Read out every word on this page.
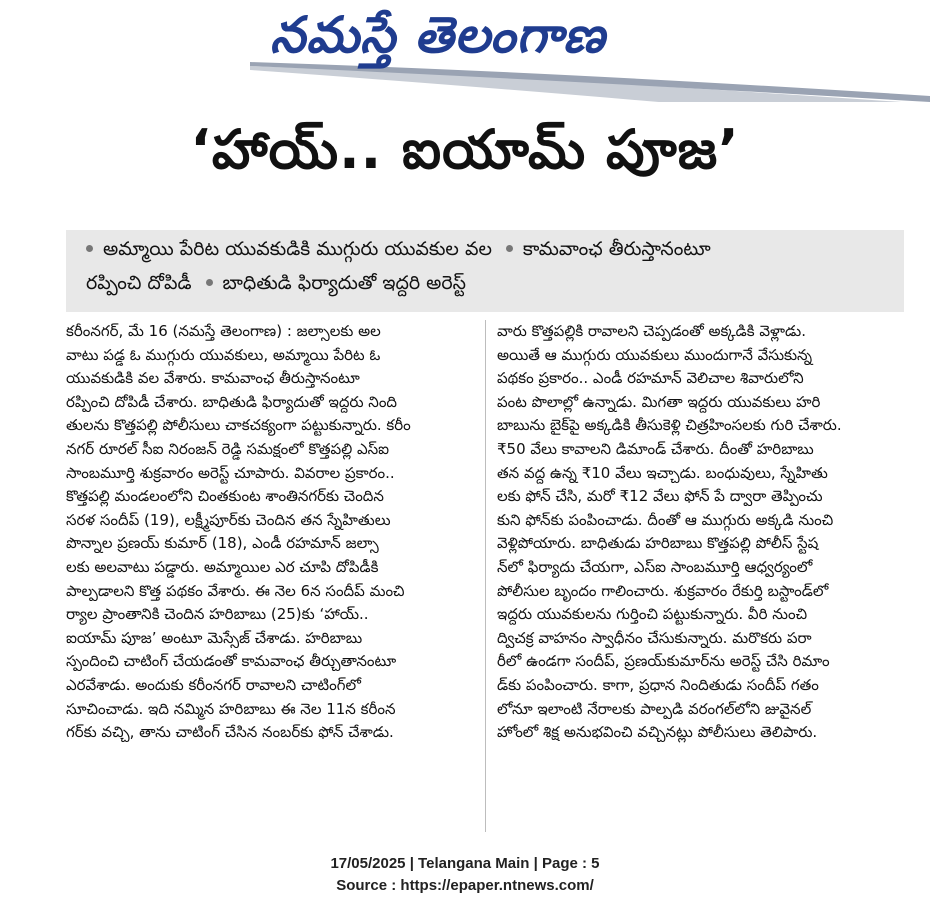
నమస్తే తెలంగాణ
‘హాయ్‌.. ఐయామ్‌ పూజ’
అమ్మాయి పేరిట యువకుడికి ముగ్గురు యువకుల వల కామవాంఛ తీరుస్తానంటూ
రప్పించి దోపిడీ బాధితుడి ఫిర్యాదుతో ఇద్దరి అరెస్ట్‌
కరీంనగర్‌, మే 16 (నమస్తే తెలంగాణ) : జల్సాలకు అల
వాటు పడ్డ ఓ ముగ్గురు యువకులు, అమ్మాయి పేరిట ఓ
యువకుడికి వల వేశారు. కామవాంఛ తీరుస్తానంటూ
రప్పించి దోపిడీ చేశారు. బాధితుడి ఫిర్యాదుతో ఇద్దరు నింది
తులను కొత్తపల్లి పోలీసులు చాకచక్యంగా పట్టుకున్నారు. కరీం
నగర్‌ రూరల్‌ సీఐ నిరంజన్‌ రెడ్డి సమక్షంలో కొత్తపల్లి ఎస్‌ఐ
సాంబమూర్తి శుక్రవారం అరెస్ట్‌ చూపారు. వివరాల ప్రకారం..
కొత్తపల్లి మండలంలోని చింతకుంట శాంతినగర్‌కు చెందిన
సరళ సందీప్‌ (19), లక్ష్మీపూర్‌కు చెందిన తన స్నేహితులు
పొన్నాల ప్రణయ్‌ కుమార్‌ (18), ఎండీ రహమాన్‌ జల్సా
లకు అలవాటు పడ్డారు. అమ్మాయిల ఎర చూపి దోపిడీకి
పాల్పడాలని కొత్త పథకం వేశారు. ఈ నెల 6న సందీప్‌ మంచి
ర్యాల ప్రాంతానికి చెందిన హరిబాబు (25)కు ‘హాయ్‌..
ఐయామ్‌ పూజ’ అంటూ మెస్సేజ్‌ చేశాడు. హరిబాబు
స్పందించి చాటింగ్‌ చేయడంతో కామవాంఛ తీర్చుతానంటూ
ఎరవేశాడు. అందుకు కరీంనగర్‌ రావాలని చాటింగ్‌లో
సూచించాడు. ఇది నమ్మిన హరిబాబు ఈ నెల 11న కరీంన
గర్‌కు వచ్చి, తాను చాటింగ్‌ చేసిన నంబర్‌కు ఫోన్‌ చేశాడు.
వారు కొత్తపల్లికి రావాలని చెప్పడంతో అక్కడికి వెళ్లాడు.
అయితే ఆ ముగ్గురు యువకులు ముందుగానే వేసుకున్న
పథకం ప్రకారం.. ఎండీ రహమాన్‌ వెలిచాల శివారులోని
పంట పొలాల్లో ఉన్నాడు. మిగతా ఇద్దరు యువకులు హరి
బాబును బైక్‌పై అక్కడికి తీసుకెళ్లి చిత్రహింసలకు గురి చేశారు.
₹50 వేలు కావాలని డిమాండ్‌ చేశారు. దీంతో హరిబాబు
తన వద్ద ఉన్న ₹10 వేలు ఇచ్చాడు. బంధువులు, స్నేహితు
లకు ఫోన్‌ చేసి, మరో ₹12 వేలు ఫోన్‌ పే ద్వారా తెప్పించు
కుని ఫోన్‌కు పంపించాడు. దీంతో ఆ ముగ్గురు అక్కడి నుంచి
వెళ్లిపోయారు. బాధితుడు హరిబాబు కొత్తపల్లి పోలీస్‌ స్టేష
న్‌లో ఫిర్యాదు చేయగా, ఎస్‌ఐ సాంబమూర్తి ఆధ్వర్యంలో
పోలీసుల బృందం గాలించారు. శుక్రవారం రేకుర్తి బస్టాండ్‌లో
ఇద్దరు యువకులను గుర్తించి పట్టుకున్నారు. వీరి నుంచి
ద్విచక్ర వాహనం స్వాధీనం చేసుకున్నారు. మరొకరు పరా
రీలో ఉండగా సందీప్‌, ప్రణయ్‌కుమార్‌ను అరెస్ట్‌ చేసి రిమాం
డ్‌కు పంపించారు. కాగా, ప్రధాన నిందితుడు సందీప్‌ గతం
లోనూ ఇలాంటి నేరాలకు పాల్పడి వరంగల్‌లోని జువైనల్‌
హోంలో శిక్ష అనుభవించి వచ్చినట్లు పోలీసులు తెలిపారు.
17/05/2025 | Telangana Main | Page : 5
Source : https://epaper.ntnews.com/
